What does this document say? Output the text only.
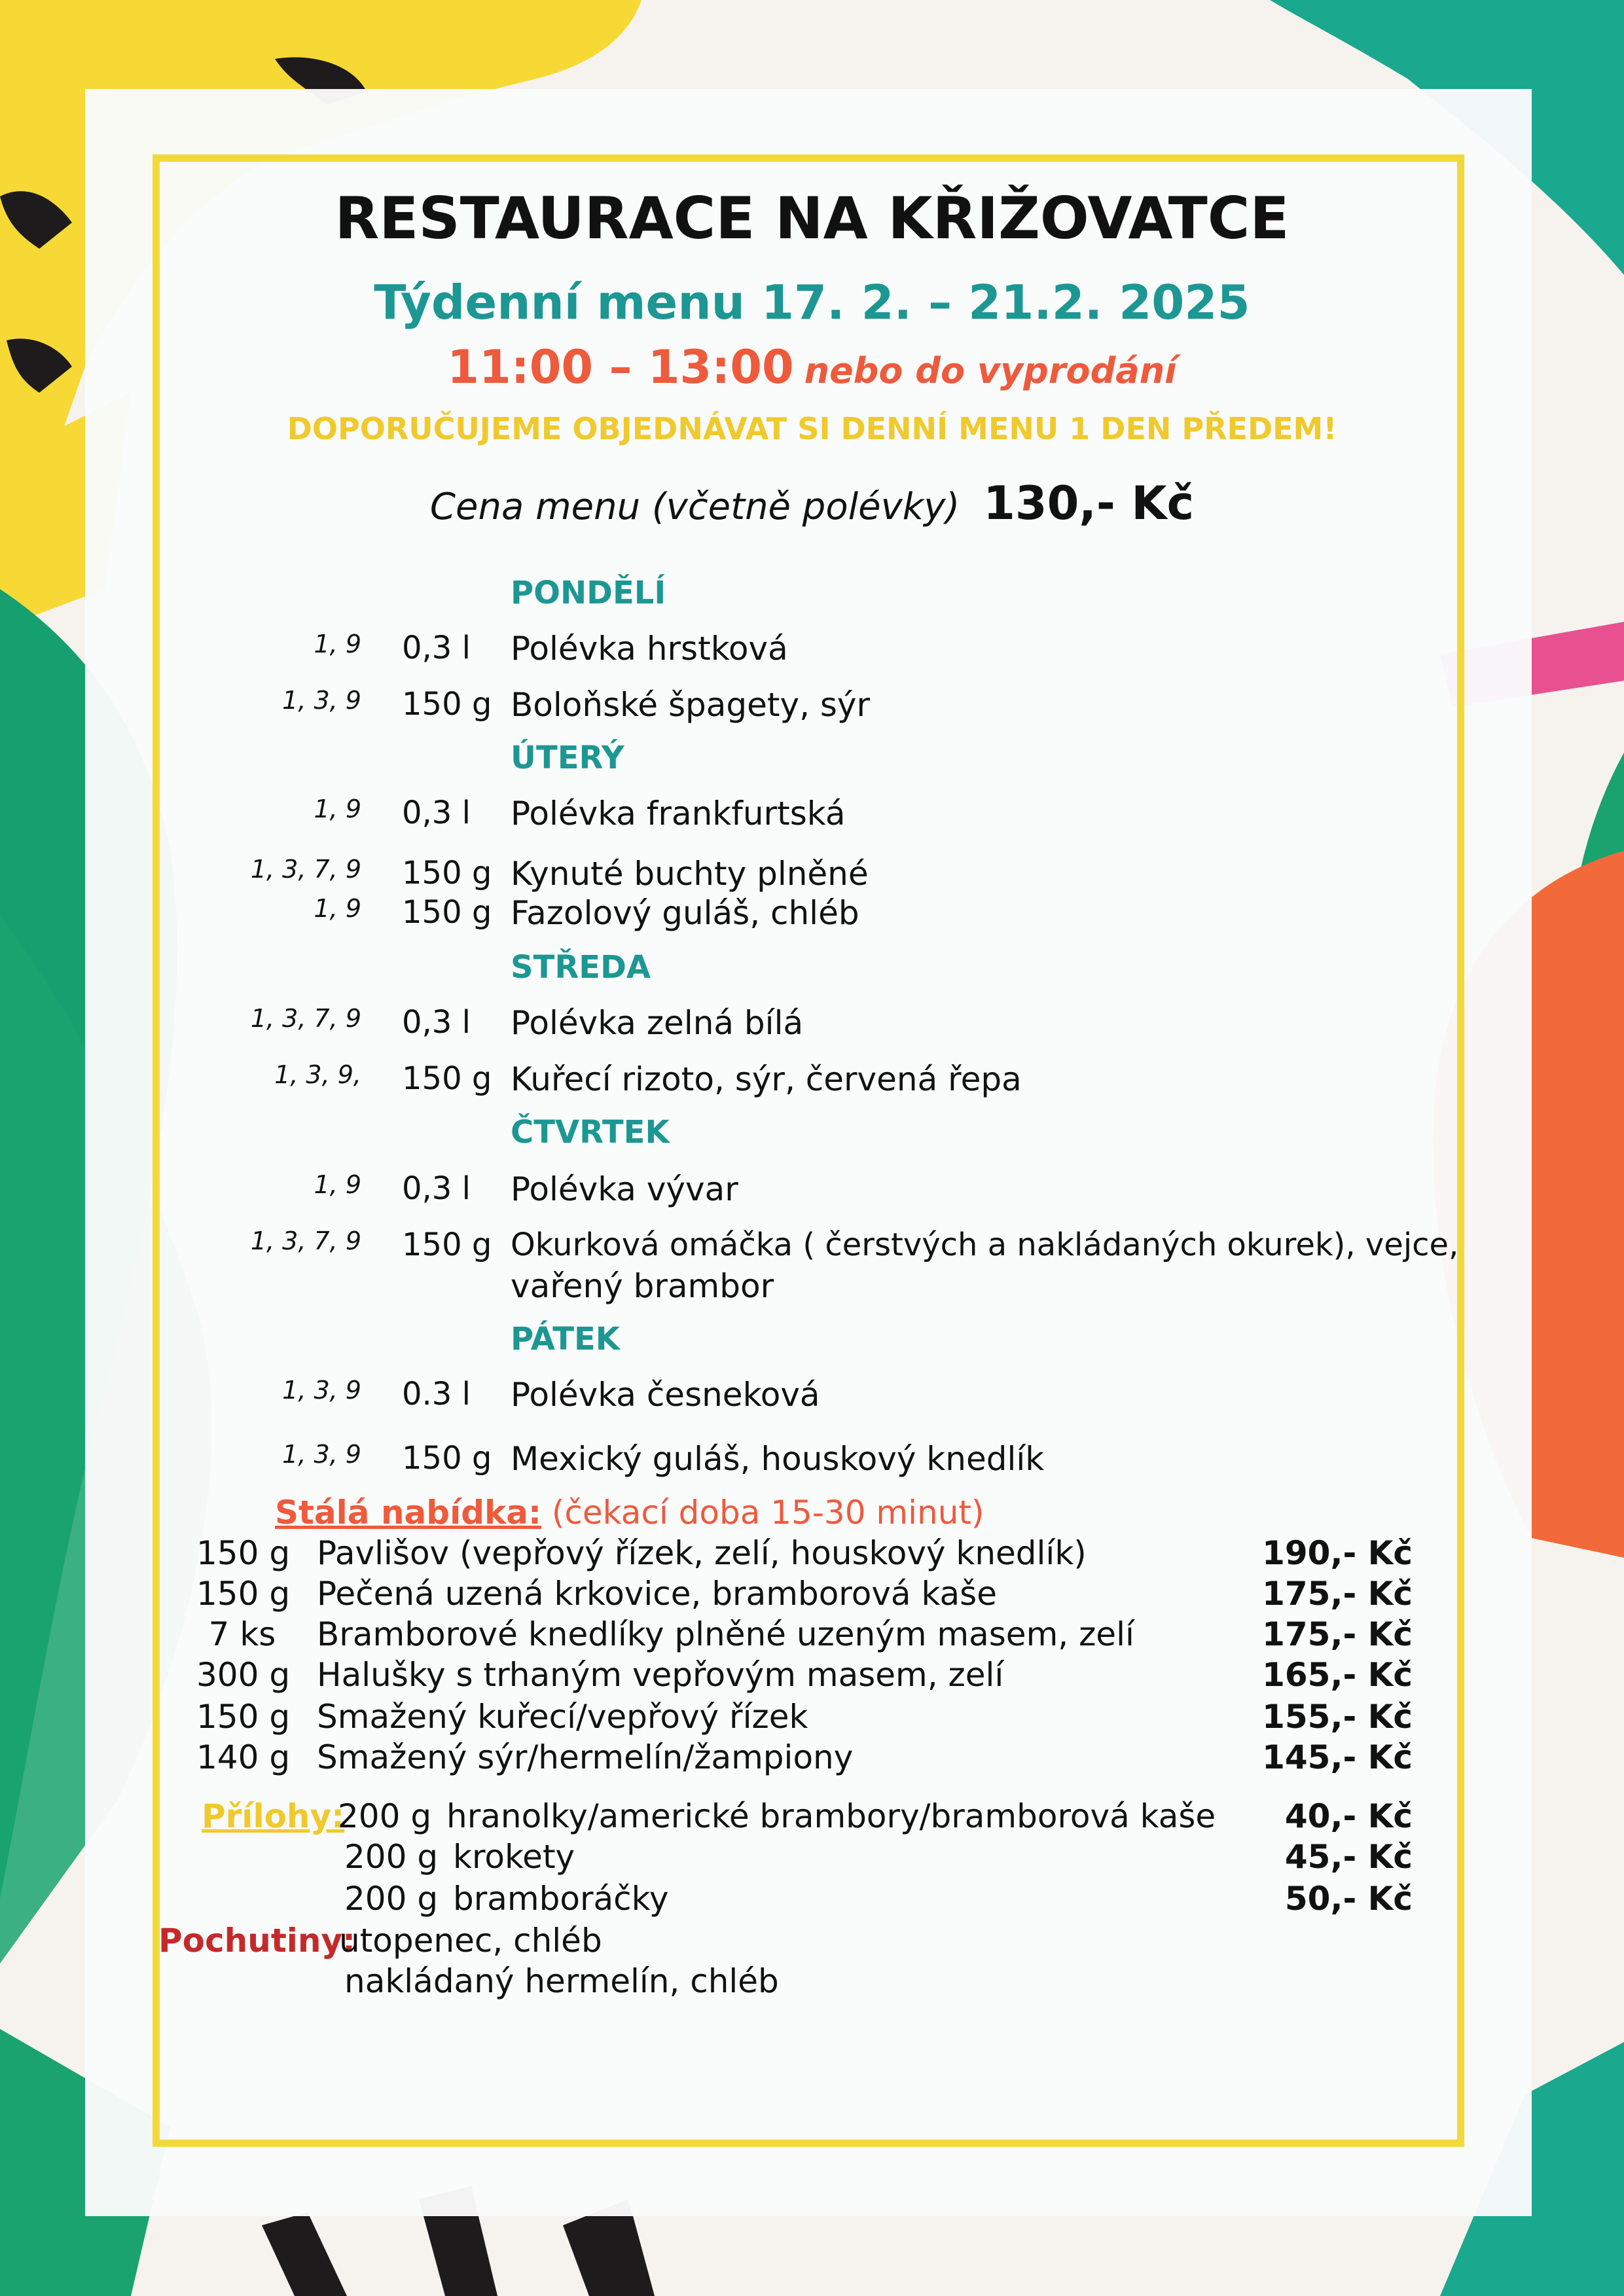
RESTAURACE NA KŘIŽOVATCE
Týdenní menu 17. 2. – 21.2. 2025

11:00 – 13:00 nebo do vyprodání

DOPORUČUJEME OBJEDNÁVAT SI DENNÍ MENU 1 DEN PŘEDEM!

Cena menu (včetně polévky) 130,- Kč

PONDĚLÍ
1, 9 0,3 l Polévka hrstková
1, 3, 9 150 g Boloňské špagety, sýr
ÚTERÝ
1, 9 0,3 l Polévka frankfurtská
1, 3, 7, 9 150 g Kynuté buchty plněné
1, 9 150 g Fazolový guláš, chléb
STŘEDA
1, 3, 7, 9 0,3 l Polévka zelná bílá
1, 3, 9, 150 g Kuřecí rizoto, sýr, červená řepa
ČTVRTEK
1, 9 0,3 l Polévka vývar
1, 3, 7, 9 150 g Okurková omáčka ( čerstvých a nakládaných okurek), vejce,
vařený brambor
PÁTEK
1, 3, 9 0.3 l Polévka česneková
1, 3, 9 150 g Mexický guláš, houskový knedlík
Stálá nabídka: (čekací doba 15-30 minut)
150 g Pavlišov (vepřový řízek, zelí, houskový knedlík)	190,- Kč
150 g Pečená uzená krkovice, bramborová kaše	175,- Kč
7 ks	Bramborové knedlíky plněné uzeným masem, zelí	175,- Kč
300 g Halušky s trhaným vepřovým masem, zelí	165,- Kč
150 g Smažený kuřecí/vepřový řízek	155,- Kč
140 g Smažený sýr/hermelín/žampiony	145,- Kč
Přílohy:
200 g hranolky/americké brambory/bramborová kaše	40,- Kč
200 g krokety	45,- Kč
200 g bramboráčky	50,- Kč
Pochutiny:
utopenec, chléb
nakládaný hermelín, chléb
